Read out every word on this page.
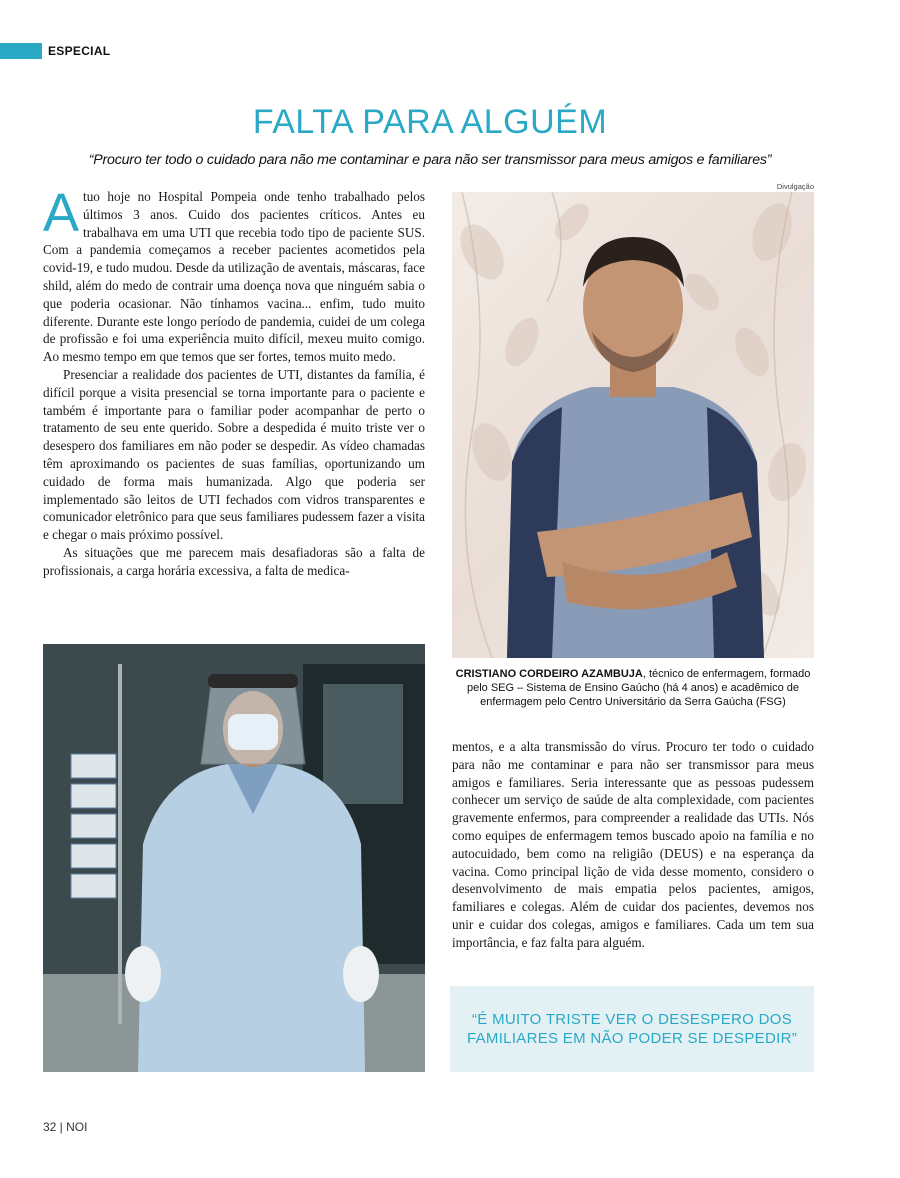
ESPECIAL
FALTA PARA ALGUÉM

“Procuro ter todo o cuidado para não me contaminar e para não ser transmissor para meus amigos e familiares”

Divulgação

Atuo hoje no Hospital Pompeia onde tenho trabalhado pelos últimos 3 anos. Cuido dos pacientes críticos. Antes eu trabalhava em uma UTI que recebia todo tipo de paciente SUS. Com a pandemia começamos a receber pacientes acometidos pela covid-19, e tudo mudou. Desde da utilização de aventais, máscaras, face shild, além do medo de contrair uma doença nova que ninguém sabia o que poderia ocasionar. Não tínhamos vacina... enfim, tudo muito diferente. Durante este longo período de pandemia, cuidei de um colega de profissão e foi uma experiência muito difícil, mexeu muito comigo. Ao mesmo tempo em que temos que ser fortes, temos muito medo.

Presenciar a realidade dos pacientes de UTI, distantes da família, é difícil porque a visita presencial se torna importante para o paciente e também é importante para o familiar poder acompanhar de perto o tratamento de seu ente querido. Sobre a despedida é muito triste ver o desespero dos familiares em não poder se despedir. As vídeo chamadas têm aproximando os pacientes de suas famílias, oportunizando um cuidado de forma mais humanizada. Algo que poderia ser implementado são leitos de UTI fechados com vidros transparentes e comunicador eletrônico para que seus familiares pudessem fazer a visita e chegar o mais próximo possível.

As situações que me parecem mais desafiadoras são a falta de profissionais, a carga horária excessiva, a falta de medica-

CRISTIANO CORDEIRO AZAMBUJA, técnico de enfermagem, formado pelo SEG – Sistema de Ensino Gaúcho (há 4 anos) e acadêmico de enfermagem pelo Centro Universitário da Serra Gaúcha (FSG)

mentos, e a alta transmissão do vírus. Procuro ter todo o cuidado para não me contaminar e para não ser transmissor para meus amigos e familiares. Seria interessante que as pessoas pudessem conhecer um serviço de saúde de alta complexidade, com pacientes gravemente enfermos, para compreender a realidade das UTIs. Nós como equipes de enfermagem temos buscado apoio na família e no autocuidado, bem como na religião (DEUS) e na esperança da vacina. Como principal lição de vida desse momento, considero o desenvolvimento de mais empatia pelos pacientes, amigos, familiares e colegas. Além de cuidar dos pacientes, devemos nos unir e cuidar dos colegas, amigos e familiares. Cada um tem sua importância, e faz falta para alguém.

“É MUITO TRISTE VER O DESESPERO DOS FAMILIARES EM NÃO PODER SE DESPEDIR”
32 | NOI
